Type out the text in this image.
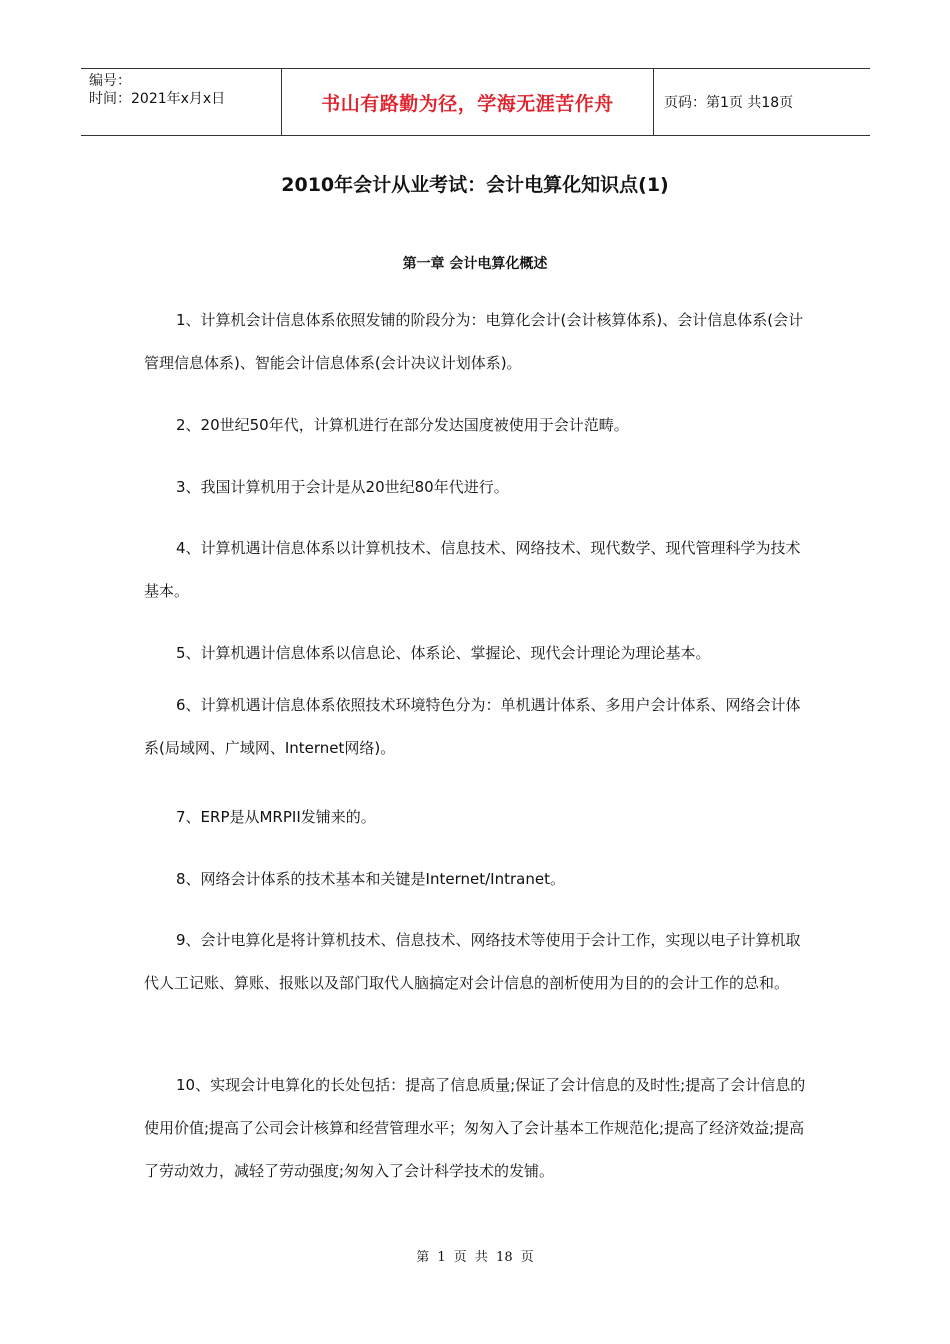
编号：
时间：2021年x月x日	书山有路勤为径，学海无涯苦作舟	页码：第1页 共18页
2010年会计从业考试：会计电算化知识点(1)
第一章 会计电算化概述

1、计算机会计信息体系依照发铺的阶段分为：电算化会计(会计核算体系)、会计信息体系(会计管理信息体系)、智能会计信息体系(会计决议计划体系)。

2、20世纪50年代，计算机进行在部分发达国度被使用于会计范畴。

3、我国计算机用于会计是从20世纪80年代进行。

4、计算机遇计信息体系以计算机技术、信息技术、网络技术、现代数学、现代管理科学为技术基本。

5、计算机遇计信息体系以信息论、体系论、掌握论、现代会计理论为理论基本。

6、计算机遇计信息体系依照技术环境特色分为：单机遇计体系、多用户会计体系、网络会计体系(局域网、广域网、Internet网络)。

7、ERP是从MRPII发铺来的。

8、网络会计体系的技术基本和关键是Internet/Intranet。

9、会计电算化是将计算机技术、信息技术、网络技术等使用于会计工作，实现以电子计算机取代人工记账、算账、报账以及部门取代人脑搞定对会计信息的剖析使用为目的的会计工作的总和。

10、实现会计电算化的长处包括：提高了信息质量;保证了会计信息的及时性;提高了会计信息的使用价值;提高了公司会计核算和经营管理水平；匆匆入了会计基本工作规范化;提高了经济效益;提高了劳动效力，减轻了劳动强度;匆匆入了会计科学技术的发铺。

第 1 页 共 18 页
